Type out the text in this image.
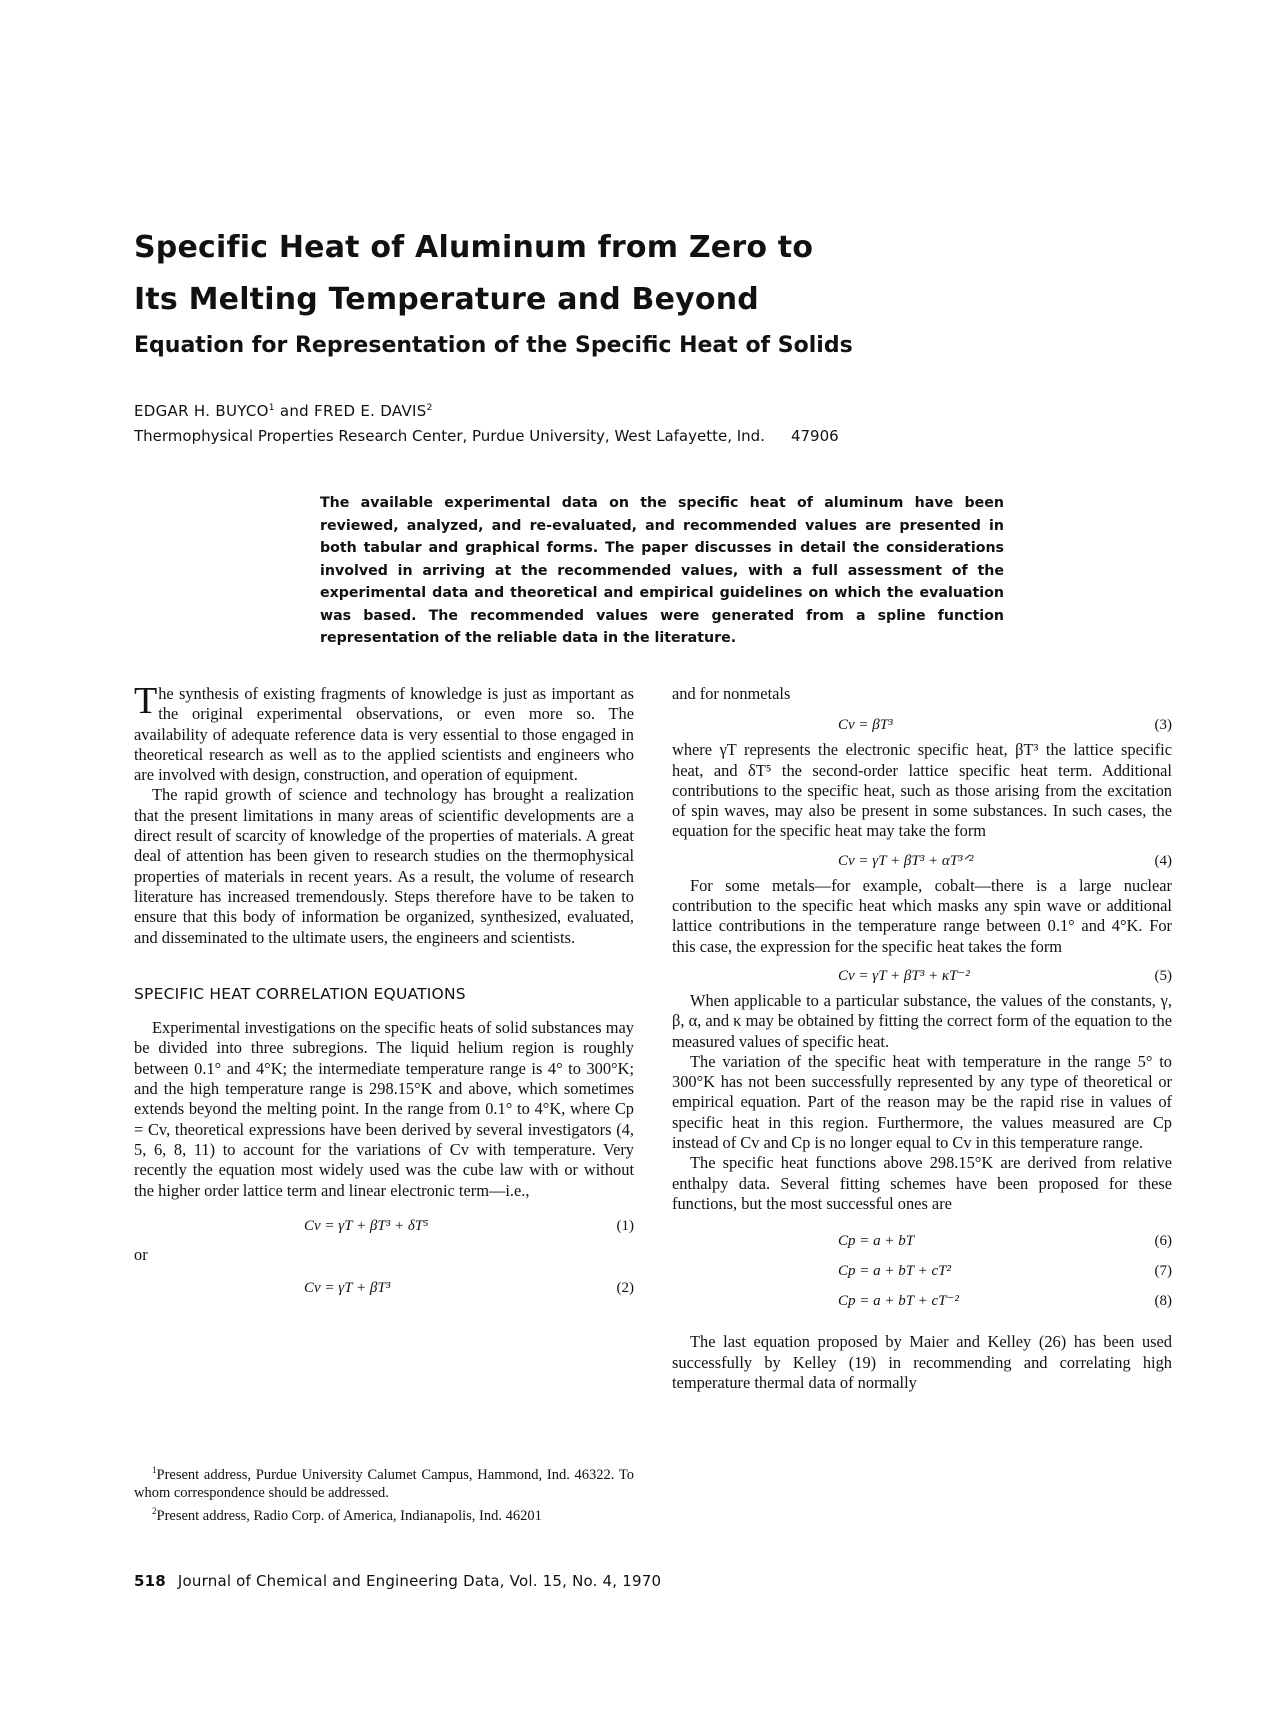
Specific Heat of Aluminum from Zero to
Its Melting Temperature and Beyond
Equation for Representation of the Specific Heat of Solids
EDGAR H. BUYCO$^1$ and FRED E. DAVIS$^2$
Thermophysical Properties Research Center, Purdue University, West Lafayette, Ind. 47906

The available experimental data on the specific heat of aluminum have been reviewed, analyzed, and re-evaluated, and recommended values are presented in both tabular and graphical forms. The paper discusses in detail the considerations involved in arriving at the recommended values, with a full assessment of the experimental data and theoretical and empirical guidelines on which the evaluation was based. The recommended values were generated from a spline function representation of the reliable data in the literature.

The synthesis of existing fragments of knowledge is just as important as the original experimental observations, or even more so. The availability of adequate reference data is very essential to those engaged in theoretical research as well as to the applied scientists and engineers who are involved with design, construction, and operation of equipment.

The rapid growth of science and technology has brought a realization that the present limitations in many areas of scientific developments are a direct result of scarcity of knowledge of the properties of materials. A great deal of attention has been given to research studies on the thermophysical properties of materials in recent years. As a result, the volume of research literature has increased tremendously. Steps therefore have to be taken to ensure that this body of information be organized, synthesized, evaluated, and disseminated to the ultimate users, the engineers and scientists.

SPECIFIC HEAT CORRELATION EQUATIONS

Experimental investigations on the specific heats of solid substances may be divided into three subregions. The liquid helium region is roughly between 0.1° and 4°K; the intermediate temperature range is 4° to 300°K; and the high temperature range is 298.15°K and above, which sometimes extends beyond the melting point. In the range from 0.1° to 4°K, where Cp = Cv, theoretical expressions have been derived by several investigators (4, 5, 6, 8, 11) to account for the variations of Cv with temperature. Very recently the equation most widely used was the cube law with or without the higher order lattice term and linear electronic term—i.e.,

Cv = γT + βT³ + δT⁵	(1)

or

Cv = γT + βT³	(2)

$^1$Present address, Purdue University Calumet Campus, Hammond, Ind. 46322. To whom correspondence should be addressed.

$^2$Present address, Radio Corp. of America, Indianapolis, Ind. 46201

and for nonmetals

Cv = βT³	(3)

where γT represents the electronic specific heat, βT³ the lattice specific heat, and δT⁵ the second-order lattice specific heat term. Additional contributions to the specific heat, such as those arising from the excitation of spin waves, may also be present in some substances. In such cases, the equation for the specific heat may take the form

Cv = γT + βT³ + αT³ᐟ²	(4)

For some metals—for example, cobalt—there is a large nuclear contribution to the specific heat which masks any spin wave or additional lattice contributions in the temperature range between 0.1° and 4°K. For this case, the expression for the specific heat takes the form

Cv = γT + βT³ + κT⁻²	(5)

When applicable to a particular substance, the values of the constants, γ, β, α, and κ may be obtained by fitting the correct form of the equation to the measured values of specific heat.

The variation of the specific heat with temperature in the range 5° to 300°K has not been successfully represented by any type of theoretical or empirical equation. Part of the reason may be the rapid rise in values of specific heat in this region. Furthermore, the values measured are Cp instead of Cv and Cp is no longer equal to Cv in this temperature range.

The specific heat functions above 298.15°K are derived from relative enthalpy data. Several fitting schemes have been proposed for these functions, but the most successful ones are

Cp = a + bT	(6)
Cp = a + bT + cT²	(7)
Cp = a + bT + cT⁻²	(8)

The last equation proposed by Maier and Kelley (26) has been used successfully by Kelley (19) in recommending and correlating high temperature thermal data of normally

518 Journal of Chemical and Engineering Data, Vol. 15, No. 4, 1970
